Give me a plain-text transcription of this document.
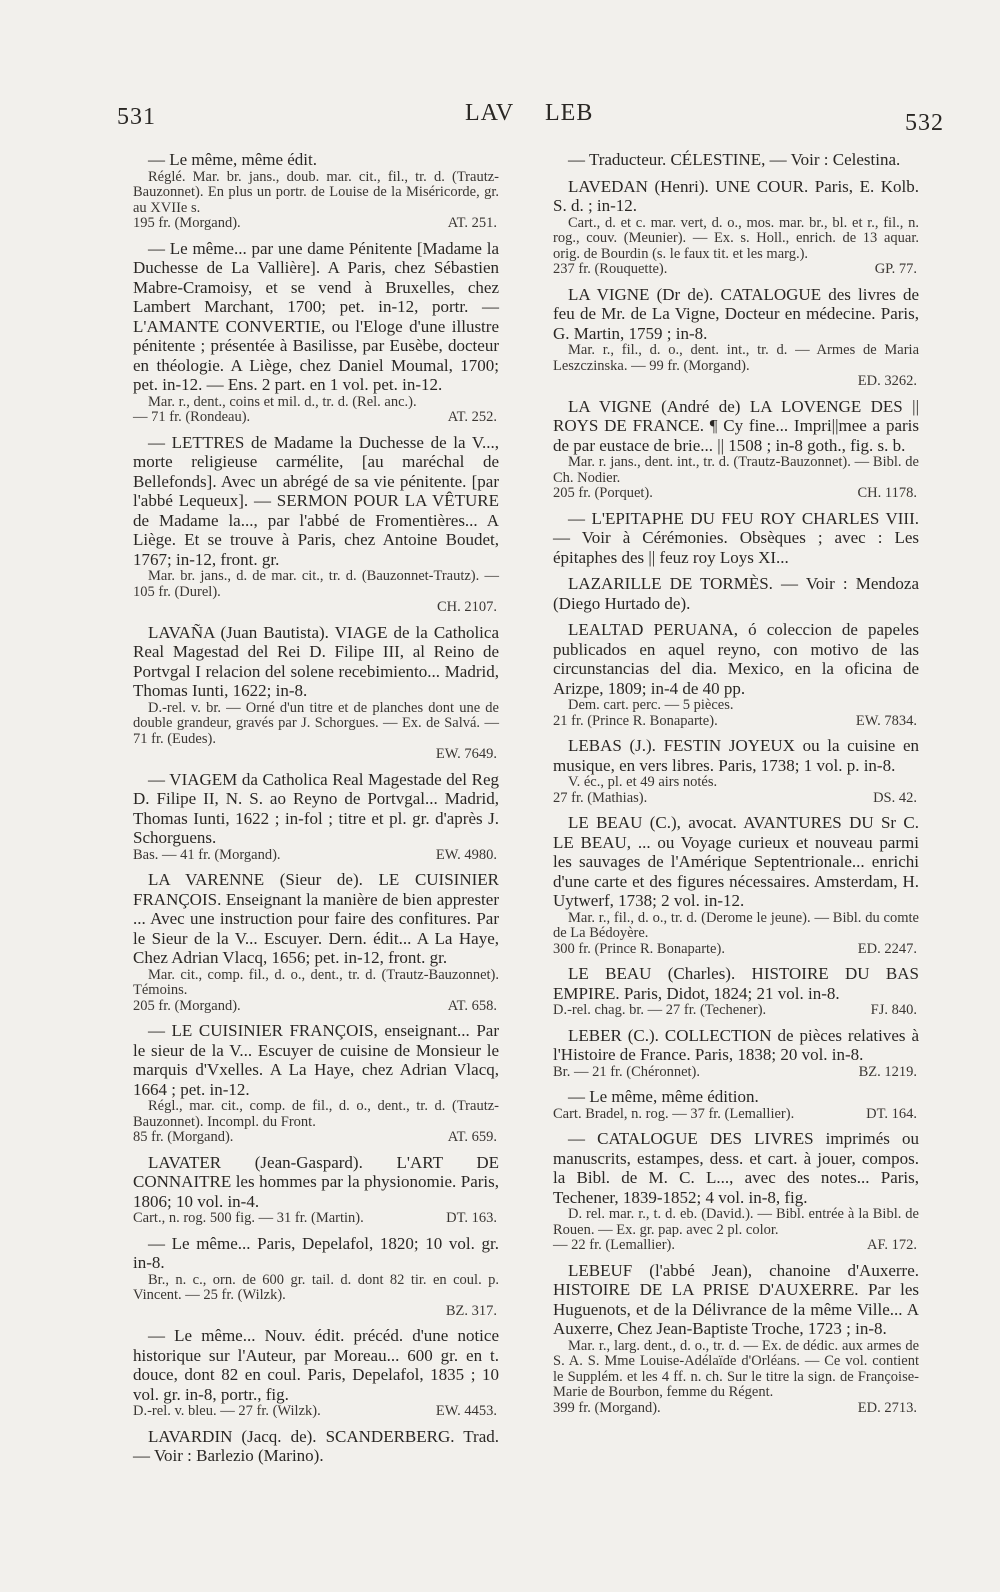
531	LAV LEB	532
— Le même, même édit.
Réglé. Mar. br. jans., doub. mar. cit., fil., tr. d. (Trautz-Bauzonnet). En plus un portr. de Louise de la Miséricorde, gr. au XVIIe s.
195 fr. (Morgand).	AT. 251.
— Le même... par une dame Pénitente [Madame la Duchesse de La Vallière]. A Paris, chez Sébastien Mabre-Cramoisy, et se vend à Bruxelles, chez Lambert Marchant, 1700; pet. in-12, portr. — L'AMANTE CONVERTIE, ou l'Eloge d'une illustre pénitente ; présentée à Basilisse, par Eusèbe, docteur en théologie. A Liège, chez Daniel Moumal, 1700; pet. in-12. — Ens. 2 part. en 1 vol. pet. in-12.
Mar. r., dent., coins et mil. d., tr. d. (Rel. anc.).
— 71 fr. (Rondeau).	AT. 252.
— LETTRES de Madame la Duchesse de la V..., morte religieuse carmélite, [au maréchal de Bellefonds]. Avec un abrégé de sa vie pénitente. [par l'abbé Lequeux]. — SERMON POUR LA VÊTURE de Madame la..., par l'abbé de Fromentières... A Liège. Et se trouve à Paris, chez Antoine Boudet, 1767; in-12, front. gr.
Mar. br. jans., d. de mar. cit., tr. d. (Bauzonnet-Trautz). — 105 fr. (Durel).
CH. 2107.
LAVAÑA (Juan Bautista). VIAGE de la Catholica Real Magestad del Rei D. Filipe III, al Reino de Portvgal I relacion del solene recebimiento... Madrid, Thomas Iunti, 1622; in-8.
D.-rel. v. br. — Orné d'un titre et de planches dont une de double grandeur, gravés par J. Schorgues. — Ex. de Salvá. — 71 fr. (Eudes).
EW. 7649.
— VIAGEM da Catholica Real Magestade del Reg D. Filipe II, N. S. ao Reyno de Portvgal... Madrid, Thomas Iunti, 1622 ; in-fol ; titre et pl. gr. d'après J. Schorguens.
Bas. — 41 fr. (Morgand).	EW. 4980.
LA VARENNE (Sieur de). LE CUISINIER FRANÇOIS. Enseignant la manière de bien apprester ... Avec une instruction pour faire des confitures. Par le Sieur de la V... Escuyer. Dern. édit... A La Haye, Chez Adrian Vlacq, 1656; pet. in-12, front. gr.
Mar. cit., comp. fil., d. o., dent., tr. d. (Trautz-Bauzonnet). Témoins.
205 fr. (Morgand).	AT. 658.
— LE CUISINIER FRANÇOIS, enseignant... Par le sieur de la V... Escuyer de cuisine de Monsieur le marquis d'Vxelles. A La Haye, chez Adrian Vlacq, 1664 ; pet. in-12.
Régl., mar. cit., comp. de fil., d. o., dent., tr. d. (Trautz-Bauzonnet). Incompl. du Front.
85 fr. (Morgand).	AT. 659.
LAVATER (Jean-Gaspard). L'ART DE CONNAITRE les hommes par la physionomie. Paris, 1806; 10 vol. in-4.
Cart., n. rog. 500 fig. — 31 fr. (Martin).	DT. 163.
— Le même... Paris, Depelafol, 1820; 10 vol. gr. in-8.
Br., n. c., orn. de 600 gr. tail. d. dont 82 tir. en coul. p. Vincent. — 25 fr. (Wilzk).
BZ. 317.
— Le même... Nouv. édit. précéd. d'une notice historique sur l'Auteur, par Moreau... 600 gr. en t. douce, dont 82 en coul. Paris, Depelafol, 1835 ; 10 vol. gr. in-8, portr., fig.
D.-rel. v. bleu. — 27 fr. (Wilzk).	EW. 4453.
LAVARDIN (Jacq. de). SCANDERBERG. Trad. — Voir : Barlezio (Marino).
— Traducteur. CÉLESTINE, — Voir : Celestina.
LAVEDAN (Henri). UNE COUR. Paris, E. Kolb. S. d. ; in-12.
Cart., d. et c. mar. vert, d. o., mos. mar. br., bl. et r., fil., n. rog., couv. (Meunier). — Ex. s. Holl., enrich. de 13 aquar. orig. de Bourdin (s. le faux tit. et les marg.).
237 fr. (Rouquette).	GP. 77.
LA VIGNE (Dr de). CATALOGUE des livres de feu de Mr. de La Vigne, Docteur en médecine. Paris, G. Martin, 1759 ; in-8.
Mar. r., fil., d. o., dent. int., tr. d. — Armes de Maria Leszczinska. — 99 fr. (Morgand).
ED. 3262.
LA VIGNE (André de) LA LOVENGE DES || ROYS DE FRANCE. ¶ Cy fine... Impri||mee a paris de par eustace de brie... || 1508 ; in-8 goth., fig. s. b.
Mar. r. jans., dent. int., tr. d. (Trautz-Bauzonnet). — Bibl. de Ch. Nodier.
205 fr. (Porquet).	CH. 1178.
— L'EPITAPHE DU FEU ROY CHARLES VIII. — Voir à Cérémonies. Obsèques ; avec : Les épitaphes des || feuz roy Loys XI...
LAZARILLE DE TORMÈS. — Voir : Mendoza (Diego Hurtado de).
LEALTAD PERUANA, ó coleccion de papeles publicados en aquel reyno, con motivo de las circunstancias del dia. Mexico, en la oficina de Arizpe, 1809; in-4 de 40 pp.
Dem. cart. perc. — 5 pièces.
21 fr. (Prince R. Bonaparte).	EW. 7834.
LEBAS (J.). FESTIN JOYEUX ou la cuisine en musique, en vers libres. Paris, 1738; 1 vol. p. in-8.
V. éc., pl. et 49 airs notés.
27 fr. (Mathias).	DS. 42.
LE BEAU (C.), avocat. AVANTURES DU Sr C. LE BEAU, ... ou Voyage curieux et nouveau parmi les sauvages de l'Amérique Septentrionale... enrichi d'une carte et des figures nécessaires. Amsterdam, H. Uytwerf, 1738; 2 vol. in-12.
Mar. r., fil., d. o., tr. d. (Derome le jeune). — Bibl. du comte de La Bédoyère.
300 fr. (Prince R. Bonaparte).	ED. 2247.
LE BEAU (Charles). HISTOIRE DU BAS EMPIRE. Paris, Didot, 1824; 21 vol. in-8.
D.-rel. chag. br. — 27 fr. (Techener).	FJ. 840.
LEBER (C.). COLLECTION de pièces relatives à l'Histoire de France. Paris, 1838; 20 vol. in-8.
Br. — 21 fr. (Chéronnet).	BZ. 1219.
— Le même, même édition.
Cart. Bradel, n. rog. — 37 fr. (Lemallier).	DT. 164.
— CATALOGUE DES LIVRES imprimés ou manuscrits, estampes, dess. et cart. à jouer, compos. la Bibl. de M. C. L..., avec des notes... Paris, Techener, 1839-1852; 4 vol. in-8, fig.
D. rel. mar. r., t. d. eb. (David.). — Bibl. entrée à la Bibl. de Rouen. — Ex. gr. pap. avec 2 pl. color.
— 22 fr. (Lemallier).	AF. 172.
LEBEUF (l'abbé Jean), chanoine d'Auxerre. HISTOIRE DE LA PRISE D'AUXERRE. Par les Huguenots, et de la Délivrance de la même Ville... A Auxerre, Chez Jean-Baptiste Troche, 1723 ; in-8.
Mar. r., larg. dent., d. o., tr. d. — Ex. de dédic. aux armes de S. A. S. Mme Louise-Adélaïde d'Orléans. — Ce vol. contient le Supplém. et les 4 ff. n. ch. Sur le titre la sign. de Françoise-Marie de Bourbon, femme du Régent.
399 fr. (Morgand).	ED. 2713.
